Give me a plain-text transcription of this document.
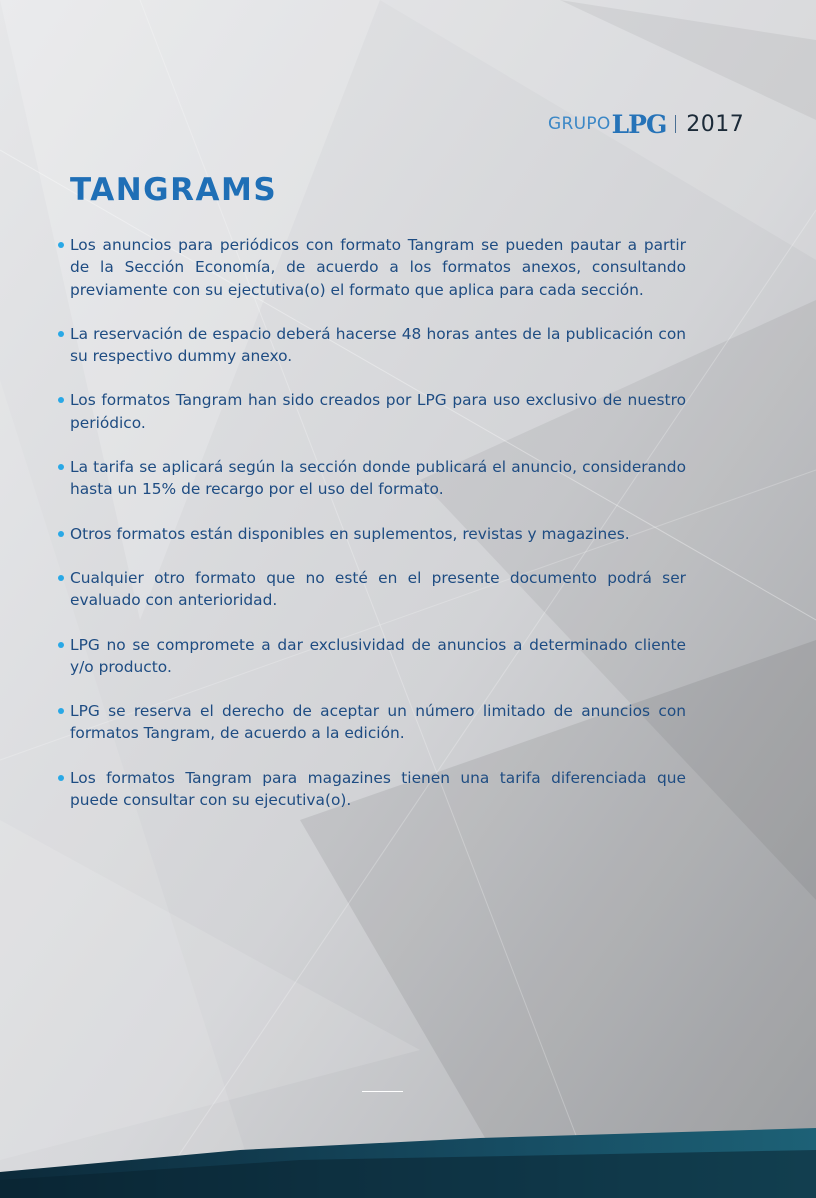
GRUPO LPG 2017
TANGRAMS
Los anuncios para periódicos con formato Tangram se pueden pautar a partir de la Sección Economía, de acuerdo a los formatos anexos, consultando previamente con su ejectutiva(o) el formato que aplica para cada sección.
La reservación de espacio deberá hacerse 48 horas antes de la publicación con su respectivo dummy anexo.
Los formatos Tangram han sido creados por LPG para uso exclusivo de nuestro periódico.
La tarifa se aplicará según la sección donde publicará el anuncio, considerando hasta un 15% de recargo por el uso del formato.
Otros formatos están disponibles en suplementos, revistas y magazines.
Cualquier otro formato que no esté en el presente documento podrá ser evaluado con anterioridad.
LPG no se compromete a dar exclusividad de anuncios a determinado cliente y/o producto.
LPG se reserva el derecho de aceptar un número limitado de anuncios con formatos Tangram, de acuerdo a la edición.
Los formatos Tangram para magazines tienen una tarifa diferenciada que puede consultar con su ejecutiva(o).
